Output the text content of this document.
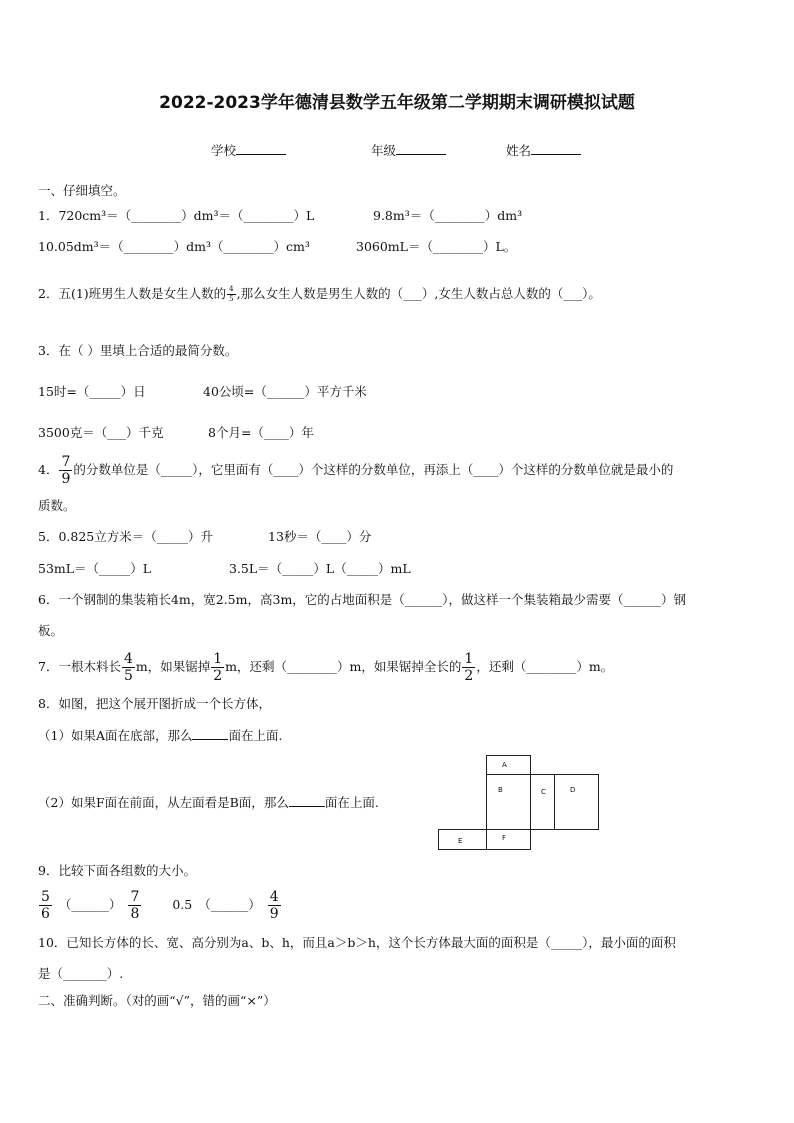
2022-2023学年德清县数学五年级第二学期期末调研模拟试题
学校	年级	姓名
一、仔细填空。
1．720cm³＝（________）dm³＝（________）L	9.8m³＝（________）dm³
10.05dm³＝（________）dm³（________）cm³	3060mL＝（________）L。
2．五(1)班男生人数是女生人数的 $\frac{4}{5}$ ,那么女生人数是男生人数的（___）,女生人数占总人数的（___）。
3．在（ ）里填上合适的最简分数。
15时=（_____）日	40公顷=（______）平方千米
3500克＝（___）千克	8个月=（____）年
4． $\frac{7}{9}$ 的分数单位是（_____），它里面有（____）个这样的分数单位，再添上（____）个这样的分数单位就是最小的
质数。
5．0.825立方米＝（_____）升	13秒＝（____）分
53mL＝（_____）L	3.5L＝（_____）L（_____）mL
6．一个钢制的集装箱长4m，宽2.5m，高3m，它的占地面积是（______），做这样一个集装箱最少需要（______）钢
板。
7．一根木料长 $\frac{4}{5}$ m，如果锯掉 $\frac{1}{2}$ m，还剩（________）m，如果锯掉全长的 $\frac{1}{2}$ ，还剩（________）m。
8．如图，把这个展开图折成一个长方体，
（1）如果A面在底部，那么	面在上面.
（2）如果F面在前面，从左面看是B面，那么	面在上面.
A
B	C	D
E	F
9．比较下面各组数的大小。
$\frac{5}{6}$ （______） $\frac{7}{8} 0.5$ （______） $\frac{4}{9}$
10．已知长方体的长、宽、高分别为a、b、h，而且a＞b＞h，这个长方体最大面的面积是（_____），最小面的面积
是（_______）.
二、准确判断。（对的画“√”，错的画“×”）
